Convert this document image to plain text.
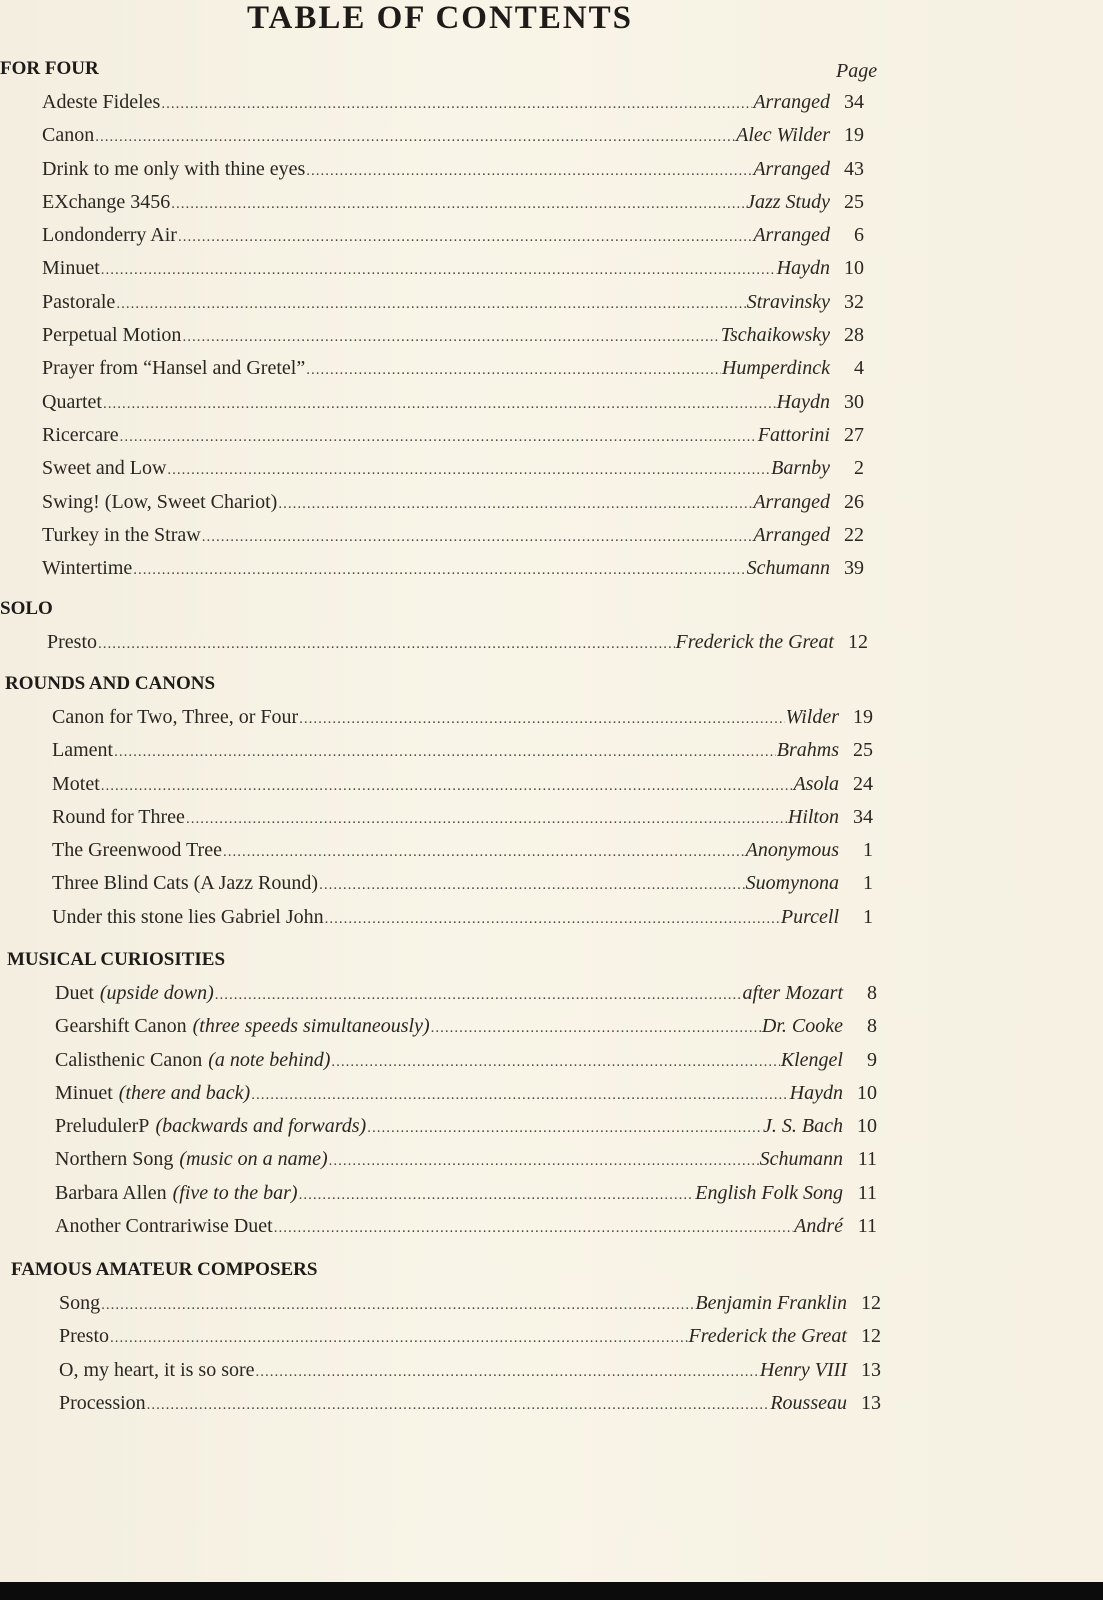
TABLE OF CONTENTS
Page
FOR FOUR
Adeste Fideles .....	Arranged 34
Canon .....	Alec Wilder 19
Drink to me only with thine eyes .....	Arranged 43
EXchange 3456 .....	Jazz Study 25
Londonderry Air .....	Arranged	6
Minuet .....	Haydn 10
Pastorale .....	Stravinsky 32
Perpetual Motion .....	Tschaikowsky 28
Prayer from “Hansel and Gretel” .....	Humperdinck	4
Quartet .....	Haydn 30
Ricercare .....	Fattorini 27
Sweet and Low .....	Barnby	2
Swing! (Low, Sweet Chariot) .....	Arranged 26
Turkey in the Straw .....	Arranged 22
Wintertime .....	Schumann 39
SOLO
Presto .....	Frederick the Great 12
ROUNDS AND CANONS
Canon for Two, Three, or Four .....	Wilder 19
Lament .....	Brahms 25
Motet .....	Asola 24
Round for Three .....	Hilton 34
The Greenwood Tree .....	Anonymous	1
Three Blind Cats (A Jazz Round) .....	Suomynona	1
Under this stone lies Gabriel John .....	Purcell	1
MUSICAL CURIOSITIES
Duet (upside down) .....	after Mozart	8
Gearshift Canon (three speeds simultaneously) .....	Dr. Cooke	8
Calisthenic Canon (a note behind) .....	Klengel	9
Minuet (there and back) .....	Haydn 10
PreludulerP (backwards and forwards) .....	J. S. Bach 10
Northern Song (music on a name) .....	Schumann 11
Barbara Allen (five to the bar) .....	English Folk Song 11
Another Contrariwise Duet .....	André 11
FAMOUS AMATEUR COMPOSERS
Song .....	Benjamin Franklin 12
Presto .....	Frederick the Great 12
O, my heart, it is so sore .....	Henry VIII 13
Procession .....	Rousseau 13
